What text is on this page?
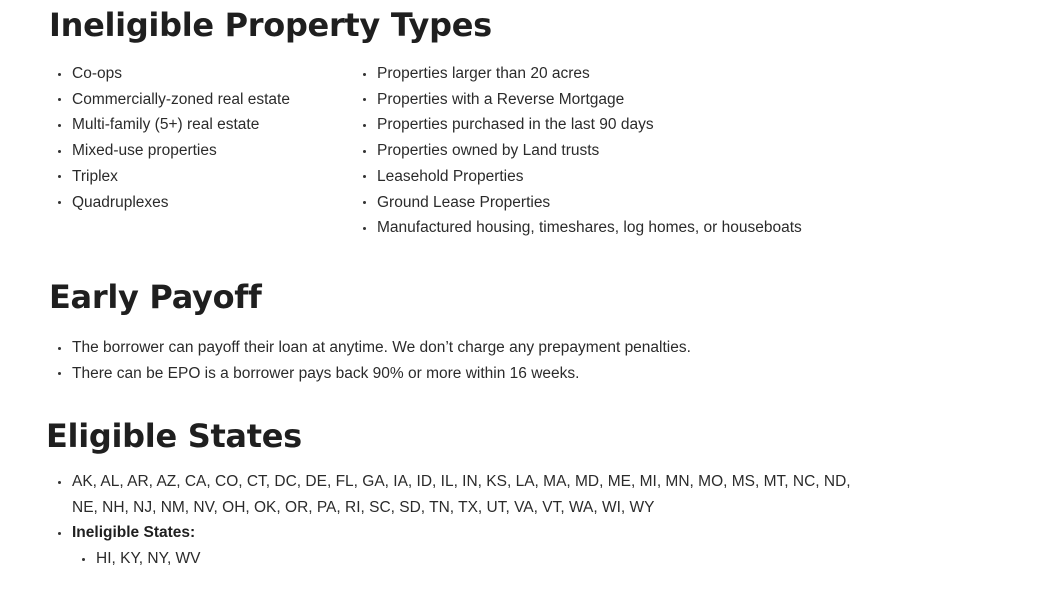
Ineligible Property Types
Co-ops
Commercially-zoned real estate
Multi-family (5+) real estate
Mixed-use properties
Triplex
Quadruplexes
Properties larger than 20 acres
Properties with a Reverse Mortgage
Properties purchased in the last 90 days
Properties owned by Land trusts
Leasehold Properties
Ground Lease Properties
Manufactured housing, timeshares, log homes, or houseboats
Early Payoff
The borrower can payoff their loan at anytime. We don’t charge any prepayment penalties.
There can be EPO is a borrower pays back 90% or more within 16 weeks.
Eligible States
AK, AL, AR, AZ, CA, CO, CT, DC, DE, FL, GA, IA, ID, IL, IN, KS, LA, MA, MD, ME, MI, MN, MO, MS, MT, NC, ND,
NE, NH, NJ, NM, NV, OH, OK, OR, PA, RI, SC, SD, TN, TX, UT, VA, VT, WA, WI, WY
Ineligible States:
HI, KY, NY, WV
